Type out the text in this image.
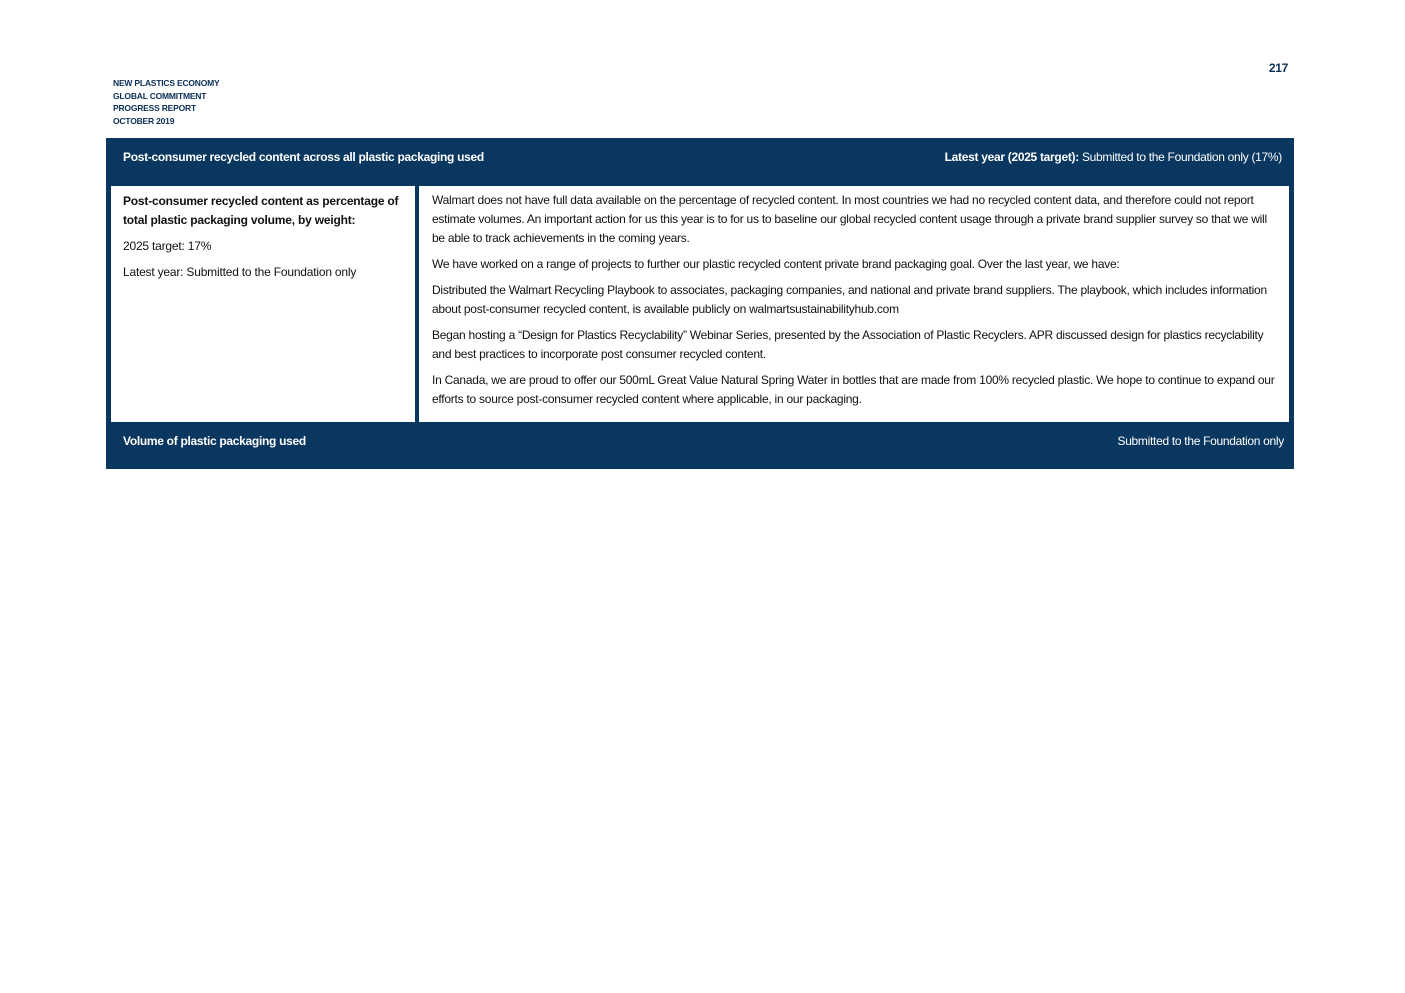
217
NEW PLASTICS ECONOMY
GLOBAL COMMITMENT
PROGRESS REPORT
OCTOBER 2019
Post-consumer recycled content across all plastic packaging used	Latest year (2025 target): Submitted to the Foundation only (17%)

Post-consumer recycled content as percentage of total plastic packaging volume, by weight:

2025 target: 17%

Latest year: Submitted to the Foundation only

Walmart does not have full data available on the percentage of recycled content. In most countries we had no recycled content data, and therefore could not report estimate volumes. An important action for us this year is to for us to baseline our global recycled content usage through a private brand supplier survey so that we will be able to track achievements in the coming years.

We have worked on a range of projects to further our plastic recycled content private brand packaging goal. Over the last year, we have:

Distributed the Walmart Recycling Playbook to associates, packaging companies, and national and private brand suppliers. The playbook, which includes information about post-consumer recycled content, is available publicly on walmartsustainabilityhub.com

Began hosting a “Design for Plastics Recyclability” Webinar Series, presented by the Association of Plastic Recyclers. APR discussed design for plastics recyclability and best practices to incorporate post consumer recycled content.

In Canada, we are proud to offer our 500mL Great Value Natural Spring Water in bottles that are made from 100% recycled plastic. We hope to continue to expand our efforts to source post-consumer recycled content where applicable, in our packaging.

Volume of plastic packaging used	Submitted to the Foundation only
